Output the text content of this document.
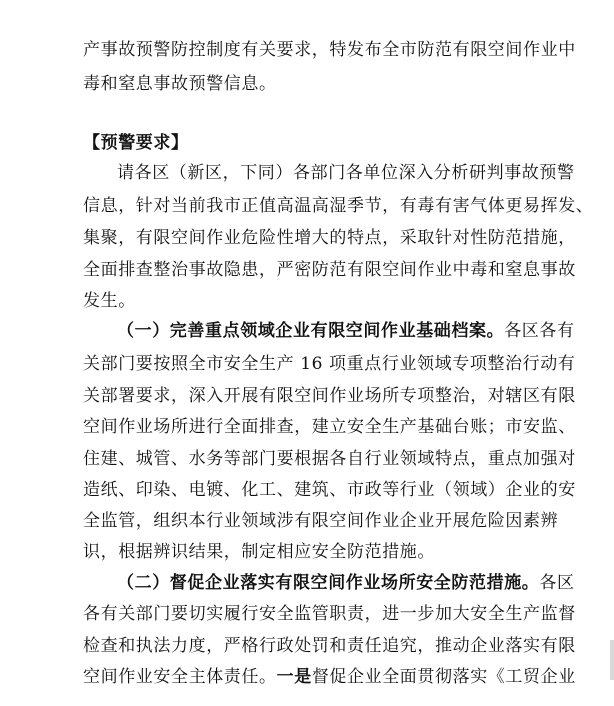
产事故预警防控制度有关要求，特发布全市防范有限空间作业中
毒和窒息事故预警信息。
【预警要求】
请各区（新区，下同）各部门各单位深入分析研判事故预警
信息，针对当前我市正值高温高湿季节，有毒有害气体更易挥发、
集聚，有限空间作业危险性增大的特点，采取针对性防范措施，
全面排查整治事故隐患，严密防范有限空间作业中毒和窒息事故
发生。
（一）完善重点领域企业有限空间作业基础档案。各区各有
关部门要按照全市安全生产 16 项重点行业领域专项整治行动有
关部署要求，深入开展有限空间作业场所专项整治，对辖区有限
空间作业场所进行全面排查，建立安全生产基础台账；市安监、
住建、城管、水务等部门要根据各自行业领域特点，重点加强对
造纸、印染、电镀、化工、建筑、市政等行业（领域）企业的安
全监管，组织本行业领域涉有限空间作业企业开展危险因素辨
识，根据辨识结果，制定相应安全防范措施。
（二）督促企业落实有限空间作业场所安全防范措施。各区
各有关部门要切实履行安全监管职责，进一步加大安全生产监督
检查和执法力度，严格行政处罚和责任追究，推动企业落实有限
空间作业安全主体责任。一是督促企业全面贯彻落实《工贸企业
